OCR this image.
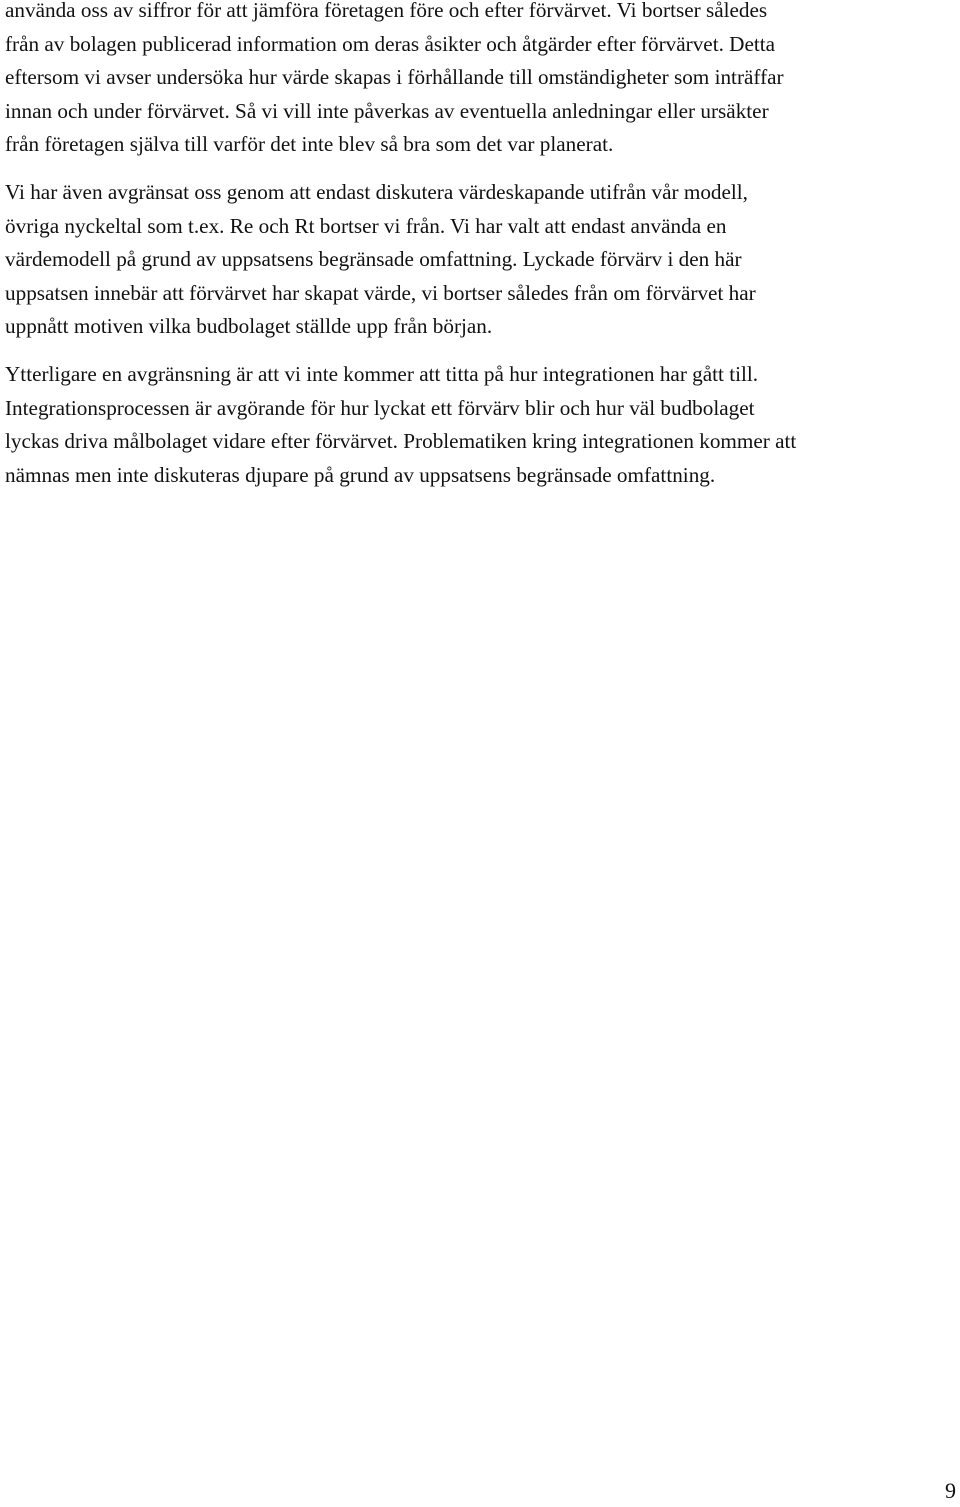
använda oss av siffror för att jämföra företagen före och efter förvärvet. Vi bortser således
från av bolagen publicerad information om deras åsikter och åtgärder efter förvärvet. Detta
eftersom vi avser undersöka hur värde skapas i förhållande till omständigheter som inträffar
innan och under förvärvet. Så vi vill inte påverkas av eventuella anledningar eller ursäkter
från företagen själva till varför det inte blev så bra som det var planerat.

Vi har även avgränsat oss genom att endast diskutera värdeskapande utifrån vår modell,
övriga nyckeltal som t.ex. Re och Rt bortser vi från. Vi har valt att endast använda en
värdemodell på grund av uppsatsens begränsade omfattning. Lyckade förvärv i den här
uppsatsen innebär att förvärvet har skapat värde, vi bortser således från om förvärvet har
uppnått motiven vilka budbolaget ställde upp från början.

Ytterligare en avgränsning är att vi inte kommer att titta på hur integrationen har gått till.
Integrationsprocessen är avgörande för hur lyckat ett förvärv blir och hur väl budbolaget
lyckas driva målbolaget vidare efter förvärvet. Problematiken kring integrationen kommer att
nämnas men inte diskuteras djupare på grund av uppsatsens begränsade omfattning.

9
